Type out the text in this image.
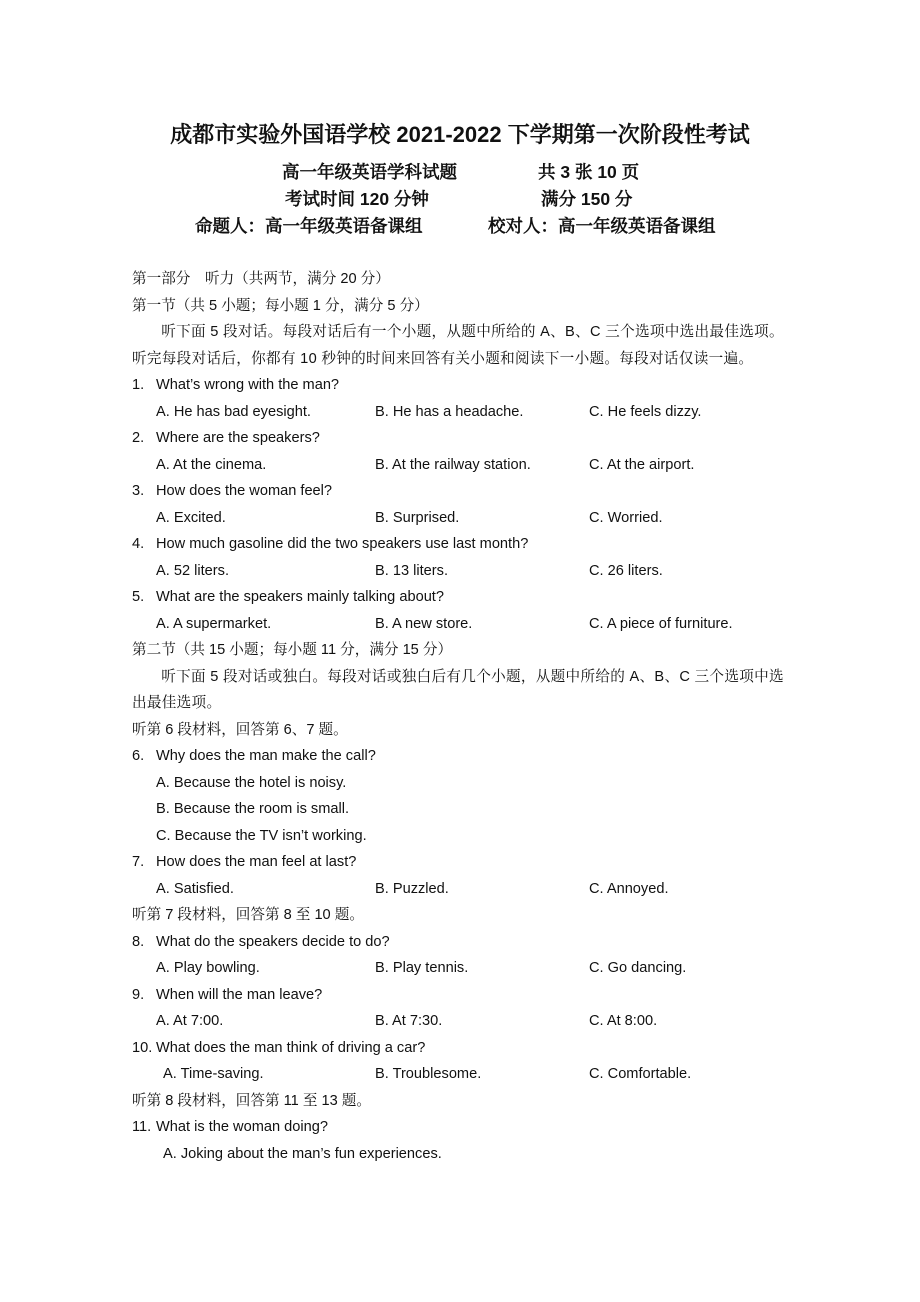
成都市实验外国语学校 2021-2022 下学期第一次阶段性考试
高一年级英语学科试题	共 3 张 10 页
考试时间 120 分钟	满分 150 分
命题人：高一年级英语备课组	校对人：高一年级英语备课组
第一部分　听力（共两节，满分 20 分）
第一节（共 5 小题；每小题 1 分，满分 5 分）
听下面 5 段对话。每段对话后有一个小题，从题中所给的 A、B、C 三个选项中选出最佳选项。听完每段对话后，你都有 10 秒钟的时间来回答有关小题和阅读下一小题。每段对话仅读一遍。
1. What’s wrong with the man?
A. He has bad eyesight.	B. He has a headache.	C. He feels dizzy.
2. Where are the speakers?
A. At the cinema.	B. At the railway station.	C. At the airport.
3. How does the woman feel?
A. Excited.	B. Surprised.	C. Worried.
4. How much gasoline did the two speakers use last month?
A. 52 liters.	B. 13 liters.	C. 26 liters.
5. What are the speakers mainly talking about?
A. A supermarket.	B. A new store.	C. A piece of furniture.
第二节（共 15 小题；每小题 11 分，满分 15 分）
听下面 5 段对话或独白。每段对话或独白后有几个小题，从题中所给的 A、B、C 三个选项中选出最佳选项。
听第 6 段材料，回答第 6、7 题。
6. Why does the man make the call?
A. Because the hotel is noisy.
B. Because the room is small.
C. Because the TV isn’t working.
7. How does the man feel at last?
A. Satisfied.	B. Puzzled.	C. Annoyed.
听第 7 段材料，回答第 8 至 10 题。
8. What do the speakers decide to do?
A. Play bowling.	B. Play tennis.	C. Go dancing.
9. When will the man leave?
A. At 7:00.	B. At 7:30.	C. At 8:00.
10. What does the man think of driving a car?
A. Time-saving.	B. Troublesome.	C. Comfortable.
听第 8 段材料，回答第 11 至 13 题。
11. What is the woman doing?
A. Joking about the man’s fun experiences.
